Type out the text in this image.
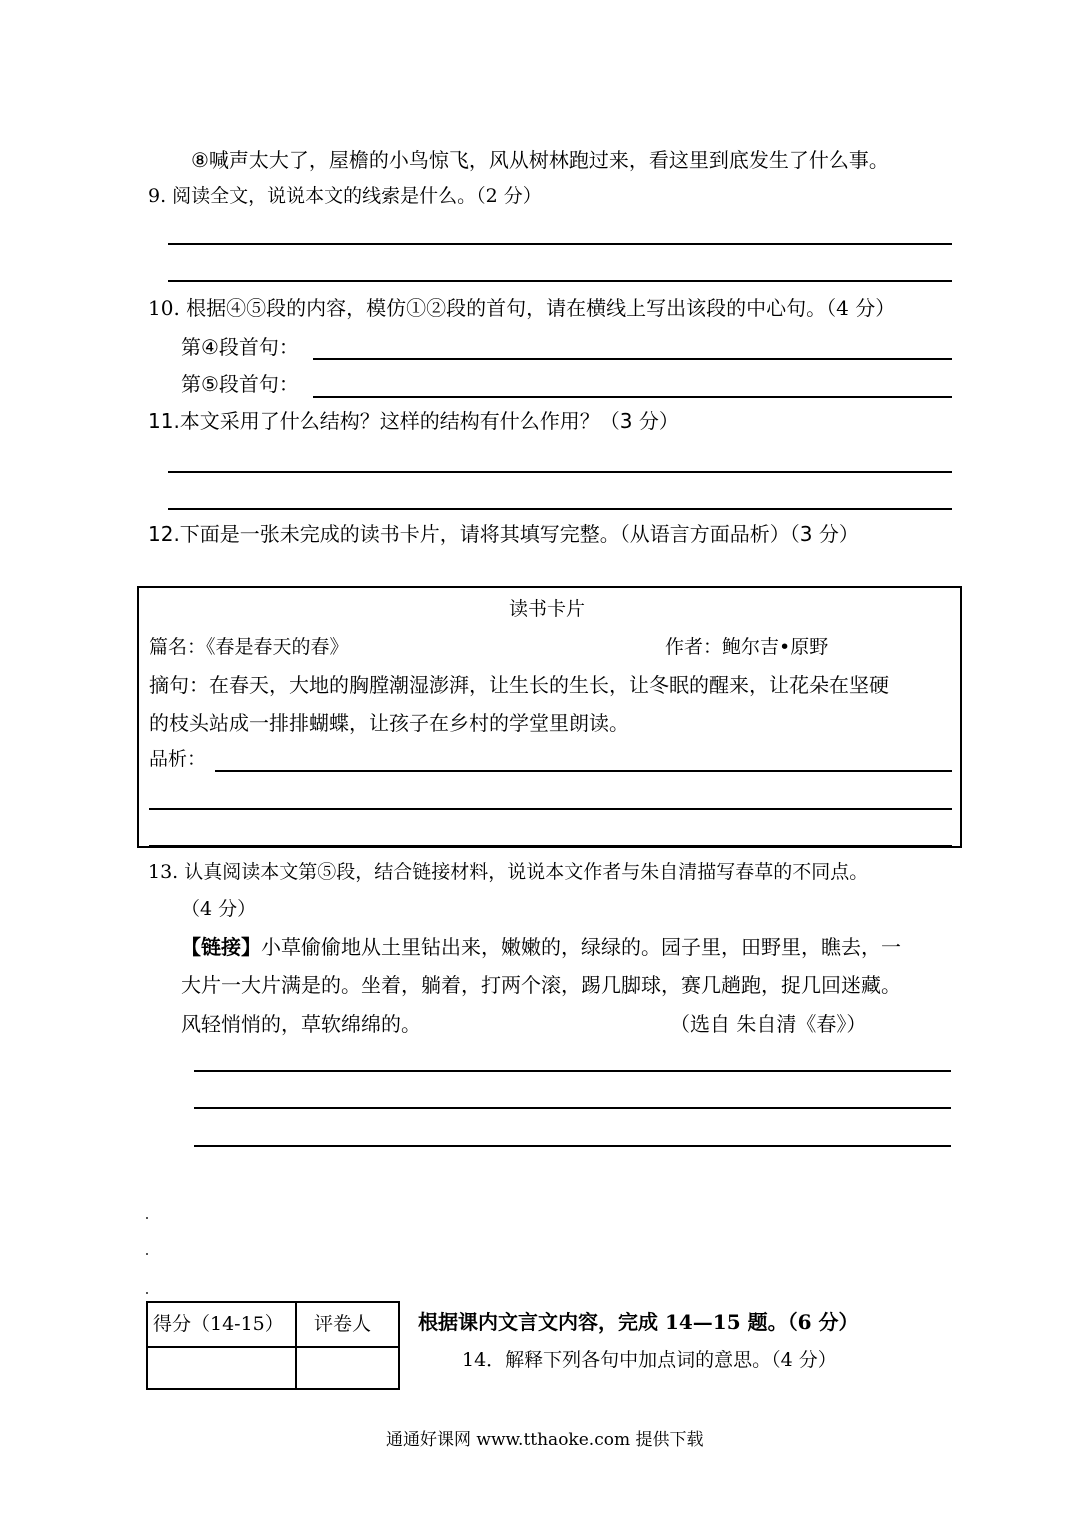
⑧喊声太大了，屋檐的小鸟惊飞，风从树林跑过来，看这里到底发生了什么事。
9. 阅读全文，说说本文的线索是什么。（2 分）
10. 根据④⑤段的内容，模仿①②段的首句，请在横线上写出该段的中心句。（4 分）
第④段首句：
第⑤段首句：
11.本文采用了什么结构？这样的结构有什么作用？（3 分）
12.下面是一张未完成的读书卡片，请将其填写完整。（从语言方面品析）（3 分）
读书卡片
篇名：《春是春天的春》	作者：鲍尔吉•原野
摘句：在春天，大地的胸膛潮湿澎湃，让生长的生长，让冬眠的醒来，让花朵在坚硬
的枝头站成一排排蝴蝶，让孩子在乡村的学堂里朗读。
品析：
13. 认真阅读本文第⑤段，结合链接材料，说说本文作者与朱自清描写春草的不同点。
（4 分）
【链接】小草偷偷地从土里钻出来，嫩嫩的，绿绿的。园子里，田野里，瞧去，一
大片一大片满是的。坐着，躺着，打两个滚，踢几脚球，赛几趟跑，捉几回迷藏。
风轻悄悄的，草软绵绵的。	（选自 朱自清《春》）
得分（14-15） 评卷人 根据课内文言文内容，完成 14—15 题。（6 分）
14．解释下列各句中加点词的意思。（4 分）
通通好课网 www.tthaoke.com 提供下载
